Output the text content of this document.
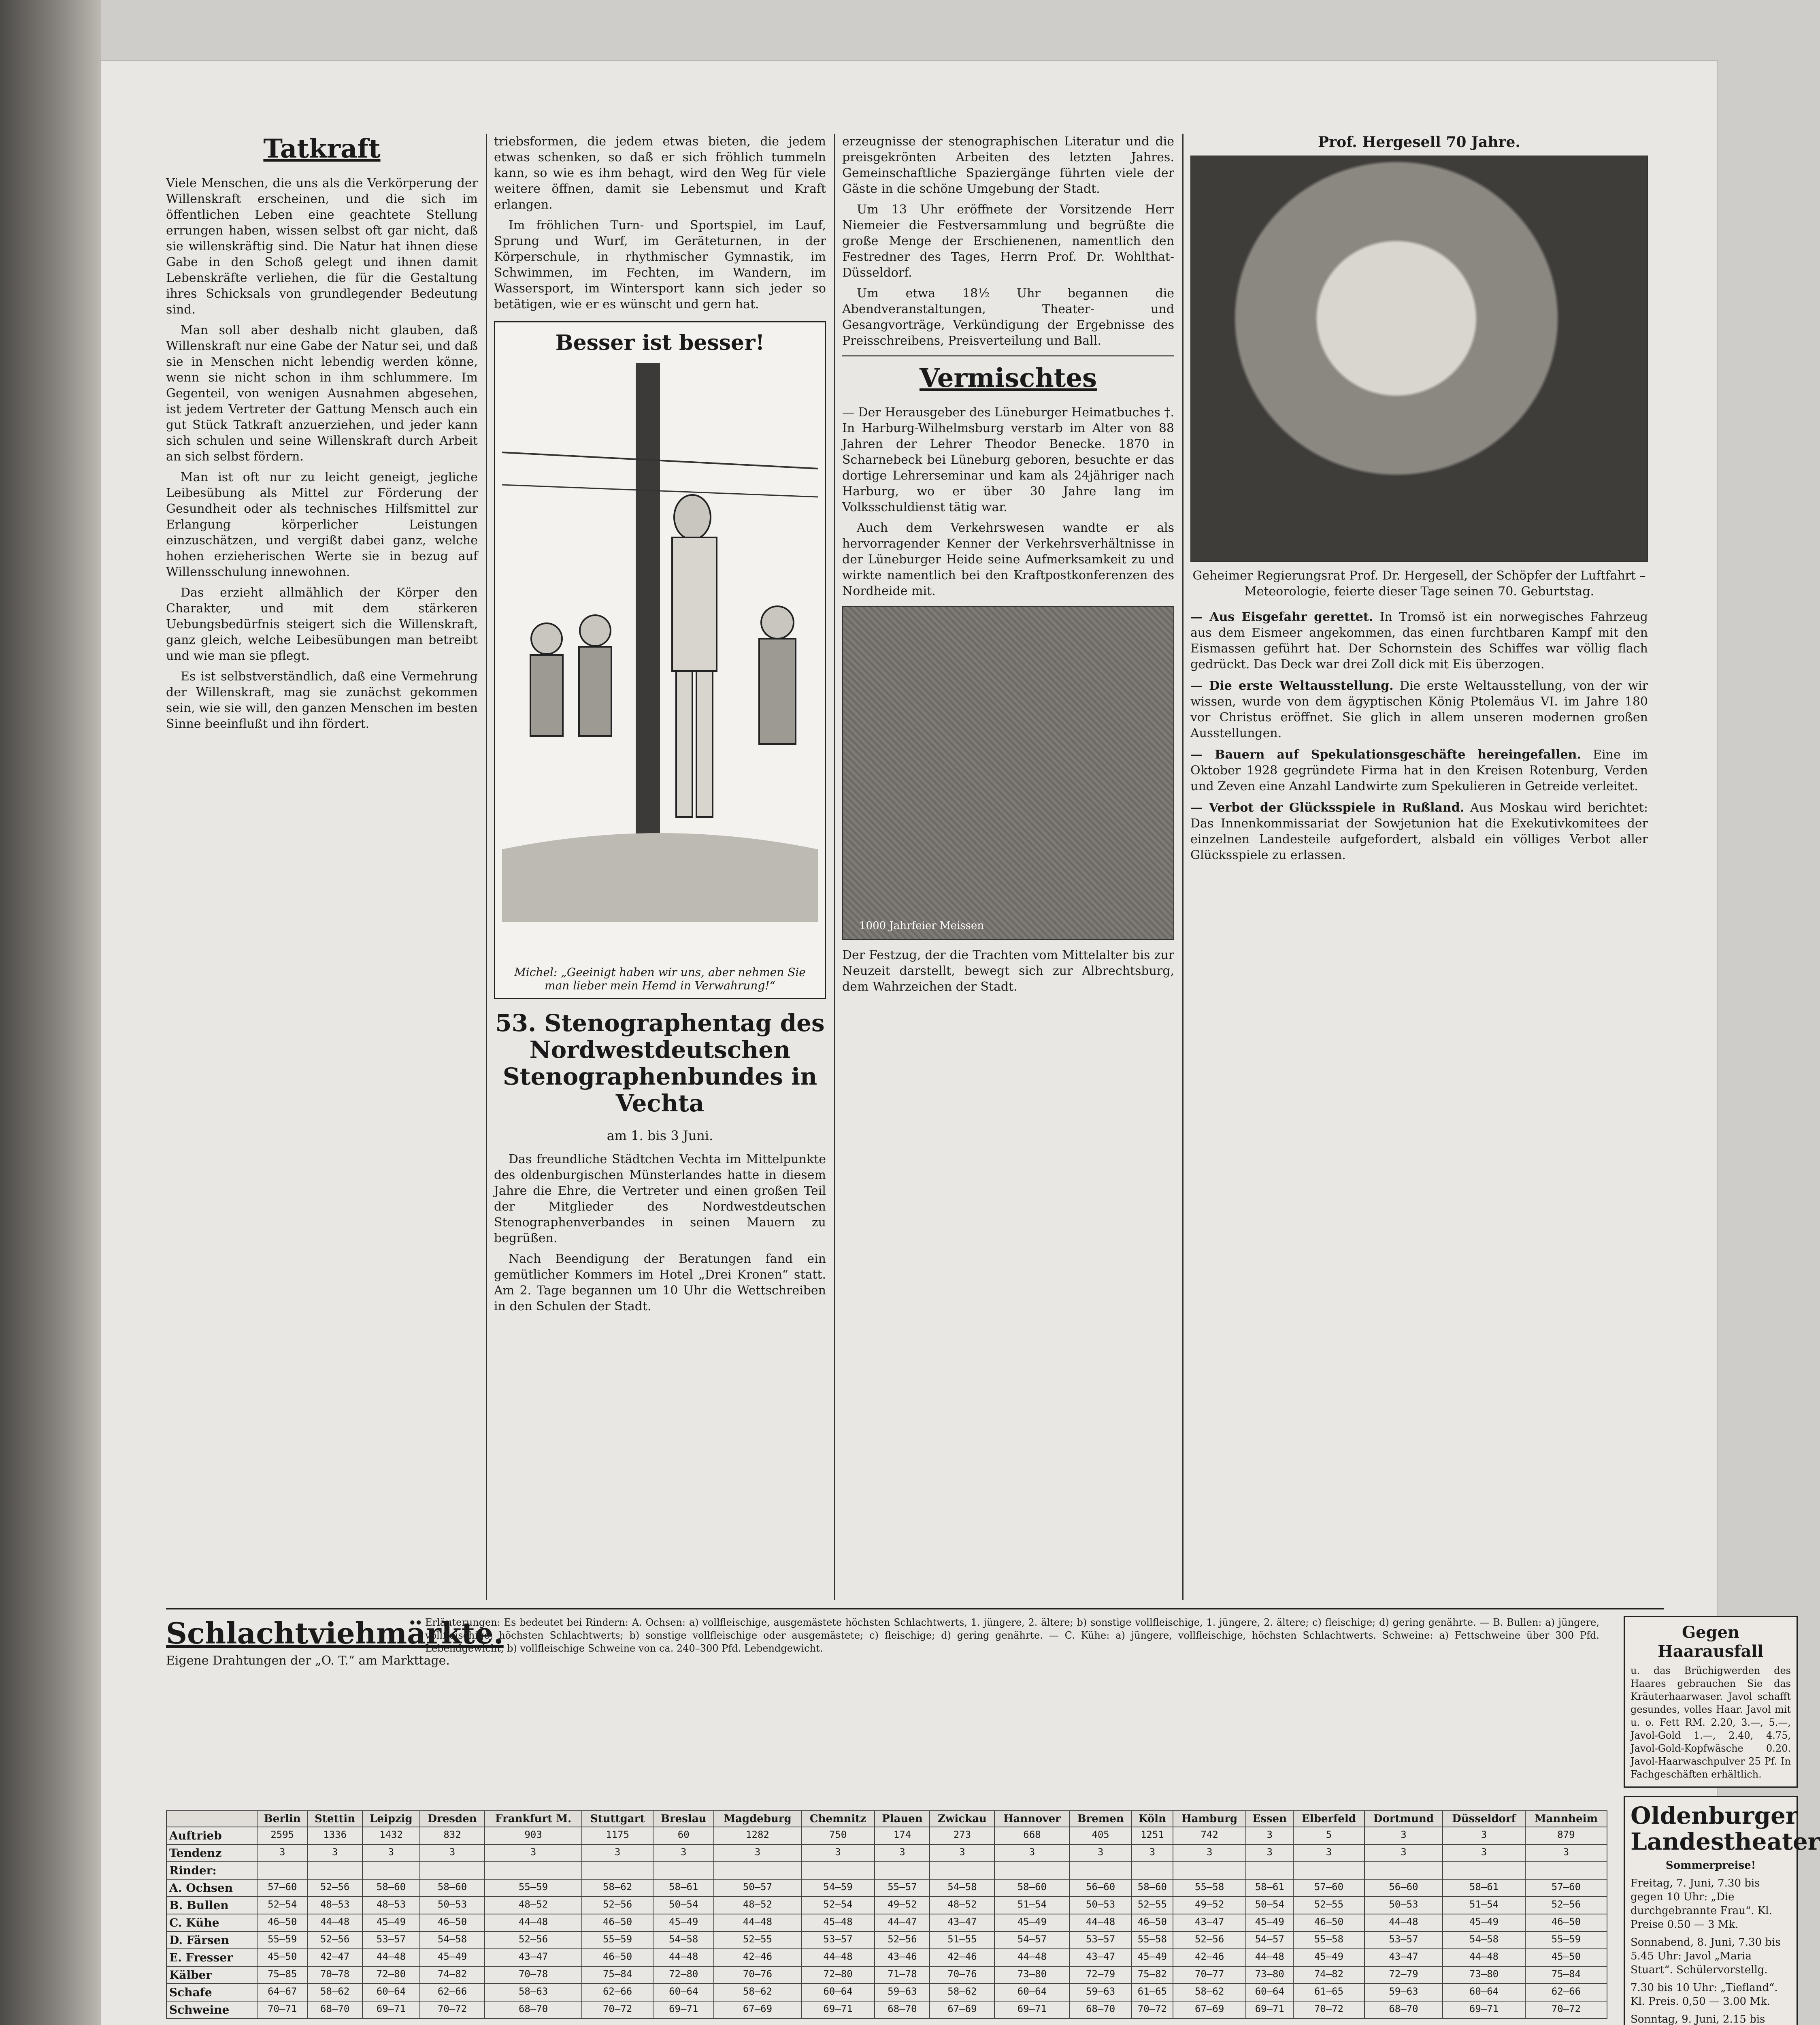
Tatkraft

Viele Menschen, die uns als die Verkörperung der Willenskraft erscheinen, und die sich im öffentlichen Leben eine geachtete Stellung errungen haben, wissen selbst oft gar nicht, daß sie willenskräftig sind. Die Natur hat ihnen diese Gabe in den Schoß gelegt und ihnen damit Lebenskräfte verliehen, die für die Gestaltung ihres Schicksals von grundlegender Bedeutung sind.

Man soll aber deshalb nicht glauben, daß Willenskraft nur eine Gabe der Natur sei, und daß sie in Menschen nicht lebendig werden könne, wenn sie nicht schon in ihm schlummere. Im Gegenteil, von wenigen Ausnahmen abgesehen, ist jedem Vertreter der Gattung Mensch auch ein gut Stück Tatkraft anzuerziehen, und jeder kann sich schulen und seine Willenskraft durch Arbeit an sich selbst fördern.

Man ist oft nur zu leicht geneigt, jegliche Leibesübung als Mittel zur Förderung der Gesundheit oder als technisches Hilfsmittel zur Erlangung körperlicher Leistungen einzuschätzen, und vergißt dabei ganz, welche hohen erzieherischen Werte sie in bezug auf Willensschulung innewohnen.

Das erzieht allmählich der Körper den Charakter, und mit dem stärkeren Uebungsbedürfnis steigert sich die Willenskraft, ganz gleich, welche Leibesübungen man betreibt und wie man sie pflegt.

Es ist selbstverständlich, daß eine Vermehrung der Willenskraft, mag sie zunächst gekommen sein, wie sie will, den ganzen Menschen im besten Sinne beeinflußt und ihn fördert.

triebsformen, die jedem etwas bieten, die jedem etwas schenken, so daß er sich fröhlich tummeln kann, so wie es ihm behagt, wird den Weg für viele weitere öffnen, damit sie Lebensmut und Kraft erlangen.

Im fröhlichen Turn- und Sportspiel, im Lauf, Sprung und Wurf, im Geräteturnen, in der Körperschule, in rhythmischer Gymnastik, im Schwimmen, im Fechten, im Wandern, im Wassersport, im Wintersport kann sich jeder so betätigen, wie er es wünscht und gern hat.

Besser ist besser!
Michel: „Geeinigt haben wir uns, aber nehmen Sie man lieber mein Hemd in Verwahrung!“
53. Stenographentag des Nordwestdeutschen Stenographenbundes in Vechta
am 1. bis 3 Juni.

Das freundliche Städtchen Vechta im Mittelpunkte des oldenburgischen Münsterlandes hatte in diesem Jahre die Ehre, die Vertreter und einen großen Teil der Mitglieder des Nordwestdeutschen Stenographenverbandes in seinen Mauern zu begrüßen.

Nach Beendigung der Beratungen fand ein gemütlicher Kommers im Hotel „Drei Kronen“ statt. Am 2. Tage begannen um 10 Uhr die Wettschreiben in den Schulen der Stadt.

erzeugnisse der stenographischen Literatur und die preisgekrönten Arbeiten des letzten Jahres. Gemeinschaftliche Spaziergänge führten viele der Gäste in die schöne Umgebung der Stadt.

Um 13 Uhr eröffnete der Vorsitzende Herr Niemeier die Festversammlung und begrüßte die große Menge der Erschienenen, namentlich den Festredner des Tages, Herrn Prof. Dr. Wohlthat-Düsseldorf.

Um etwa 18½ Uhr begannen die Abendveranstaltungen, Theater- und Gesangvorträge, Verkündigung der Ergebnisse des Preisschreibens, Preisverteilung und Ball.

Vermischtes

— Der Herausgeber des Lüneburger Heimatbuches †. In Harburg-Wilhelmsburg verstarb im Alter von 88 Jahren der Lehrer Theodor Benecke. 1870 in Scharnebeck bei Lüneburg geboren, besuchte er das dortige Lehrerseminar und kam als 24jähriger nach Harburg, wo er über 30 Jahre lang im Volksschuldienst tätig war.

Auch dem Verkehrswesen wandte er als hervorragender Kenner der Verkehrsverhältnisse in der Lüneburger Heide seine Aufmerksamkeit zu und wirkte namentlich bei den Kraftpostkonferenzen des Nordheide mit.

1000 Jahrfeier Meissen

Der Festzug, der die Trachten vom Mittelalter bis zur Neuzeit darstellt, bewegt sich zur Albrechtsburg, dem Wahrzeichen der Stadt.

Prof. Hergesell 70 Jahre.
Geheimer Regierungsrat Prof. Dr. Hergesell, der Schöpfer der Luftfahrt – Meteorologie, feierte dieser Tage seinen 70. Geburtstag.
— Aus Eisgefahr gerettet. In Tromsö ist ein norwegisches Fahrzeug aus dem Eismeer angekommen, das einen furchtbaren Kampf mit den Eismassen geführt hat. Der Schornstein des Schiffes war völlig flach gedrückt. Das Deck war drei Zoll dick mit Eis überzogen.
— Die erste Weltausstellung. Die erste Weltausstellung, von der wir wissen, wurde von dem ägyptischen König Ptolemäus VI. im Jahre 180 vor Christus eröffnet. Sie glich in allem unseren modernen großen Ausstellungen.
— Bauern auf Spekulationsgeschäfte hereingefallen. Eine im Oktober 1928 gegründete Firma hat in den Kreisen Rotenburg, Verden und Zeven eine Anzahl Landwirte zum Spekulieren in Getreide verleitet.
— Verbot der Glücksspiele in Rußland. Aus Moskau wird berichtet: Das Innenkommissariat der Sowjetunion hat die Exekutivkomitees der einzelnen Landesteile aufgefordert, alsbald ein völliges Verbot aller Glücksspiele zu erlassen.
Schlachtviehmärkte.
Eigene Drahtungen der „O. T.“ am Markttage.
Erläuterungen: Es bedeutet bei Rindern: A. Ochsen: a) vollfleischige, ausgemästete höchsten Schlachtwerts, 1. jüngere, 2. ältere; b) sonstige vollfleischige, 1. jüngere, 2. ältere; c) fleischige; d) gering genährte. — B. Bullen: a) jüngere, vollfleischige, höchsten Schlachtwerts; b) sonstige vollfleischige oder ausgemästete; c) fleischige; d) gering genährte. — C. Kühe: a) jüngere, vollfleischige, höchsten Schlachtwerts. Schweine: a) Fettschweine über 300 Pfd. Lebendgewicht, b) vollfleischige Schweine von ca. 240–300 Pfd. Lebendgewicht.
	Berlin	Stettin	Leipzig	Dresden	Frankfurt M.	Stuttgart	Breslau	Magdeburg	Chemnitz	Plauen	Zwickau	Hannover	Bremen	Köln	Hamburg	Essen	Elberfeld	Dortmund	Düsseldorf	Mannheim
Auftrieb	2595	1336	1432	832	903	1175	60	1282	750	174	273	668	405	1251	742	3	5	3	3	879
Tendenz	3	3	3	3	3	3	3	3	3	3	3	3	3	3	3	3	3	3	3	3
Rinder:																				
A. Ochsen	57—60	52—56	58—60	58—60	55—59	58—62	58—61	50—57	54—59	55—57	54—58	58—60	56—60	58—60	55—58	58—61	57—60	56—60	58—61	57—60
B. Bullen	52—54	48—53	48—53	50—53	48—52	52—56	50—54	48—52	52—54	49—52	48—52	51—54	50—53	52—55	49—52	50—54	52—55	50—53	51—54	52—56
C. Kühe	46—50	44—48	45—49	46—50	44—48	46—50	45—49	44—48	45—48	44—47	43—47	45—49	44—48	46—50	43—47	45—49	46—50	44—48	45—49	46—50
D. Färsen	55—59	52—56	53—57	54—58	52—56	55—59	54—58	52—55	53—57	52—56	51—55	54—57	53—57	55—58	52—56	54—57	55—58	53—57	54—58	55—59
E. Fresser	45—50	42—47	44—48	45—49	43—47	46—50	44—48	42—46	44—48	43—46	42—46	44—48	43—47	45—49	42—46	44—48	45—49	43—47	44—48	45—50
Kälber	75—85	70—78	72—80	74—82	70—78	75—84	72—80	70—76	72—80	71—78	70—76	73—80	72—79	75—82	70—77	73—80	74—82	72—79	73—80	75—84
Schafe	64—67	58—62	60—64	62—66	58—63	62—66	60—64	58—62	60—64	59—63	58—62	60—64	59—63	61—65	58—62	60—64	61—65	59—63	60—64	62—66
Schweine	70—71	68—70	69—71	70—72	68—70	70—72	69—71	67—69	69—71	68—70	67—69	69—71	68—70	70—72	67—69	69—71	70—72	68—70	69—71	70—72
Gegen Haarausfall
u. das Brüchigwerden des Haares gebrauchen Sie das Kräuterhaarwaser. Javol schafft gesundes, volles Haar. Javol mit u. o. Fett RM. 2.20, 3.—, 5.—, Javol-Gold 1.—, 2.40, 4.75, Javol-Gold-Kopfwäsche 0.20. Javol-Haarwaschpulver 25 Pf. In Fachgeschäften erhältlich.
Oldenburger Landestheater
Sommerpreise!
Freitag, 7. Juni, 7.30 bis gegen 10 Uhr: „Die durchgebrannte Frau“. Kl. Preise 0.50 — 3 Mk.
Sonnabend, 8. Juni, 7.30 bis 5.45 Uhr: Javol „Maria Stuart“. Schülervorstellg.
7.30 bis 10 Uhr: „Tiefland“. Kl. Preis. 0,50 — 3.00 Mk.
Sonntag, 9. Juni, 2.15 bis
